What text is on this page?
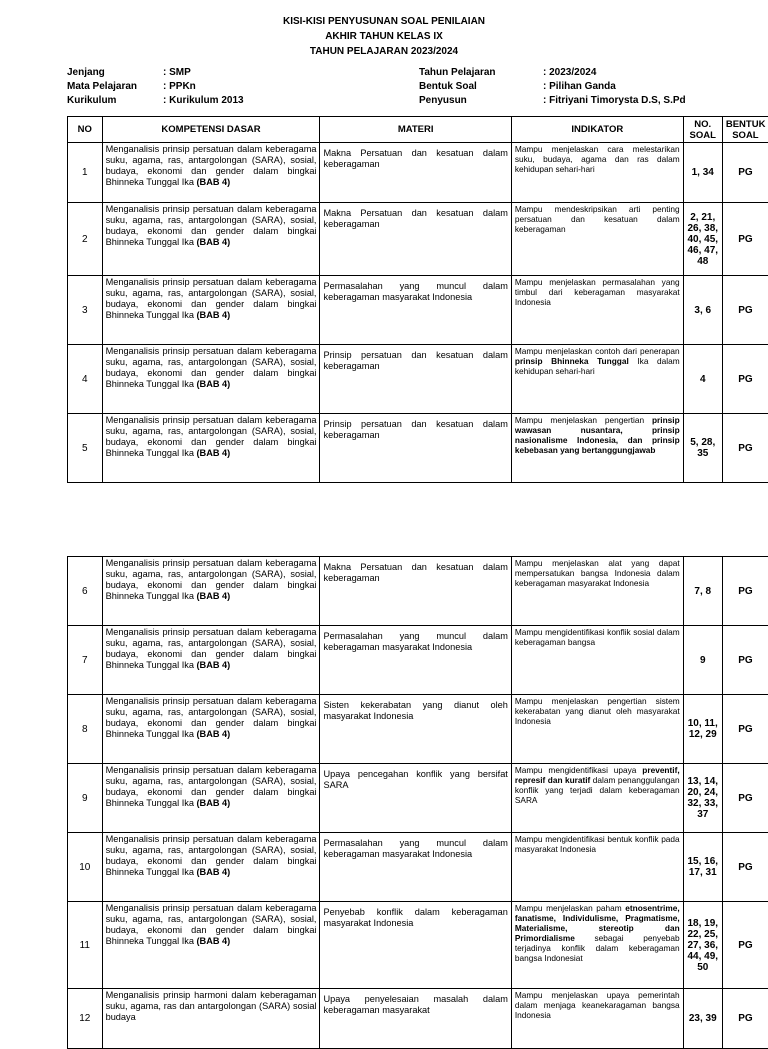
KISI-KISI PENYUSUNAN SOAL PENILAIAN
AKHIR TAHUN KELAS IX
TAHUN PELAJARAN 2023/2024
Jenjang	: SMP
Mata Pelajaran	: PPKn
Kurikulum	: Kurikulum 2013
Tahun Pelajaran	: 2023/2024
Bentuk Soal	: Pilihan Ganda
Penyusun	: Fitriyani Timorysta D.S, S.Pd
NO	KOMPETENSI DASAR	MATERI	INDIKATOR	NO. SOAL	BENTUK SOAL
1	Menganalisis prinsip persatuan dalam keberagama suku, agama, ras, antargolongan (SARA), sosial, budaya, ekonomi dan gender dalam bingkai Bhinneka Tunggal Ika (BAB 4)	Makna Persatuan dan kesatuan dalam keberagaman	Mampu menjelaskan cara melestarikan suku, budaya, agama dan ras dalam kehidupan sehari-hari	1, 34	PG
2	Menganalisis prinsip persatuan dalam keberagama suku, agama, ras, antargolongan (SARA), sosial, budaya, ekonomi dan gender dalam bingkai Bhinneka Tunggal Ika (BAB 4)	Makna Persatuan dan kesatuan dalam keberagaman	Mampu mendeskripsikan arti penting persatuan dan kesatuan dalam keberagaman	2, 21, 26, 38, 40, 45, 46, 47, 48	PG
3	Menganalisis prinsip persatuan dalam keberagama suku, agama, ras, antargolongan (SARA), sosial, budaya, ekonomi dan gender dalam bingkai Bhinneka Tunggal Ika (BAB 4)	Permasalahan yang muncul dalam keberagaman masyarakat Indonesia	Mampu menjelaskan permasalahan yang timbul dari keberagaman masyarakat Indonesia	3, 6	PG
4	Menganalisis prinsip persatuan dalam keberagama suku, agama, ras, antargolongan (SARA), sosial, budaya, ekonomi dan gender dalam bingkai Bhinneka Tunggal Ika (BAB 4)	Prinsip persatuan dan kesatuan dalam keberagaman	Mampu menjelaskan contoh dari penerapan prinsip Bhinneka Tunggal Ika dalam kehidupan sehari-hari	4	PG
5	Menganalisis prinsip persatuan dalam keberagama suku, agama, ras, antargolongan (SARA), sosial, budaya, ekonomi dan gender dalam bingkai Bhinneka Tunggal Ika (BAB 4)	Prinsip persatuan dan kesatuan dalam keberagaman	Mampu menjelaskan pengertian prinsip wawasan nusantara, prinsip nasionalisme Indonesia, dan prinsip kebebasan yang bertanggungjawab	5, 28, 35	PG
6	Menganalisis prinsip persatuan dalam keberagama suku, agama, ras, antargolongan (SARA), sosial, budaya, ekonomi dan gender dalam bingkai Bhinneka Tunggal Ika (BAB 4)	Makna Persatuan dan kesatuan dalam keberagaman	Mampu menjelaskan alat yang dapat mempersatukan bangsa Indonesia dalam keberagaman masyarakat Indonesia	7, 8	PG
7	Menganalisis prinsip persatuan dalam keberagama suku, agama, ras, antargolongan (SARA), sosial, budaya, ekonomi dan gender dalam bingkai Bhinneka Tunggal Ika (BAB 4)	Permasalahan yang muncul dalam keberagaman masyarakat Indonesia	Mampu mengidentifikasi konflik sosial dalam keberagaman bangsa	9	PG
8	Menganalisis prinsip persatuan dalam keberagama suku, agama, ras, antargolongan (SARA), sosial, budaya, ekonomi dan gender dalam bingkai Bhinneka Tunggal Ika (BAB 4)	Sisten kekerabatan yang dianut oleh masyarakat Indonesia	Mampu menjelaskan pengertian sistem kekerabatan yang dianut oleh masyarakat Indonesia	10, 11, 12, 29	PG
9	Menganalisis prinsip persatuan dalam keberagama suku, agama, ras, antargolongan (SARA), sosial, budaya, ekonomi dan gender dalam bingkai Bhinneka Tunggal Ika (BAB 4)	Upaya pencegahan konflik yang bersifat SARA	Mampu mengidentifikasi upaya preventif, represif dan kuratif dalam penanggulangan konflik yang terjadi dalam keberagaman SARA	13, 14, 20, 24, 32, 33, 37	PG
10	Menganalisis prinsip persatuan dalam keberagama suku, agama, ras, antargolongan (SARA), sosial, budaya, ekonomi dan gender dalam bingkai Bhinneka Tunggal Ika (BAB 4)	Permasalahan yang muncul dalam keberagaman masyarakat Indonesia	Mampu mengidentifikasi bentuk konflik pada masyarakat Indonesia	15, 16, 17, 31	PG
11	Menganalisis prinsip persatuan dalam keberagama suku, agama, ras, antargolongan (SARA), sosial, budaya, ekonomi dan gender dalam bingkai Bhinneka Tunggal Ika (BAB 4)	Penyebab konflik dalam keberagaman masyarakat Indonesia	Mampu menjelaskan paham etnosentrime, fanatisme, Individulisme, Pragmatisme, Materialisme, stereotip dan Primordialisme sebagai penyebab terjadinya konflik dalam keberagaman bangsa Indonesiat	18, 19, 22, 25, 27, 36, 44, 49, 50	PG
12	Menganalisis prinsip harmoni dalam keberagaman suku, agama, ras dan antargolongan (SARA) sosial budaya	Upaya penyelesaian masalah dalam keberagaman masyarakat	Mampu menjelaskan upaya pemerintah dalam menjaga keanekaragaman bangsa Indonesia	23, 39	PG
